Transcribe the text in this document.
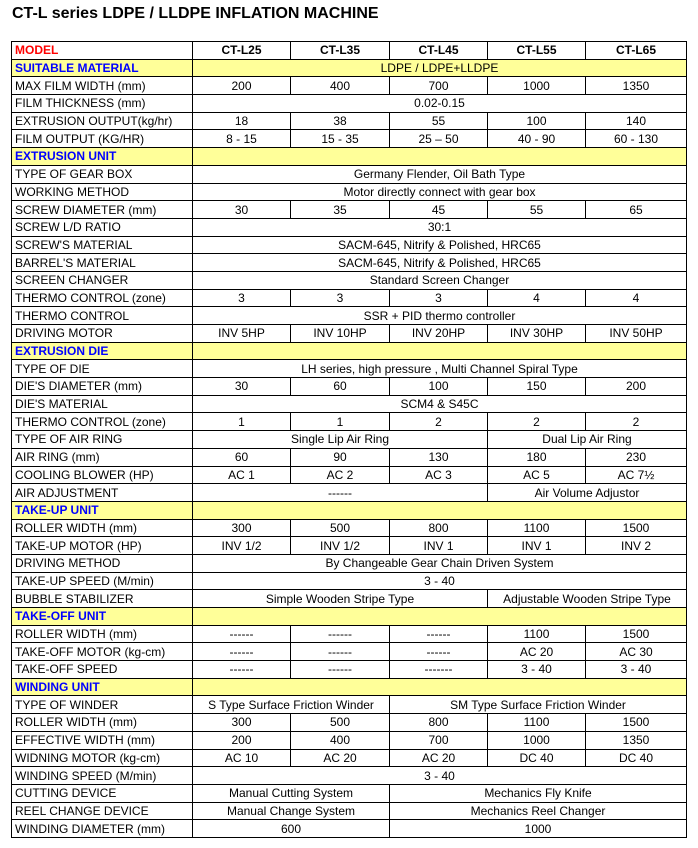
CT-L series LDPE / LLDPE INFLATION MACHINE
MODEL	CT-L25	CT-L35	CT-L45	CT-L55	CT-L65
SUITABLE MATERIAL	LDPE / LDPE+LLDPE				
MAX FILM WIDTH (mm)	200	400	700	1000	1350
FILM THICKNESS (mm)	0.02-0.15				
EXTRUSION OUTPUT(kg/hr)	18	38	55	100	140
FILM OUTPUT (KG/HR)	8 - 15	15 - 35	25 – 50	40 - 90	60 - 130
EXTRUSION UNIT					
TYPE OF GEAR BOX	Germany Flender, Oil Bath Type				
WORKING METHOD	Motor directly connect with gear box				
SCREW DIAMETER (mm)	30	35	45	55	65
SCREW L/D RATIO	30:1				
SCREW'S MATERIAL	SACM-645, Nitrify & Polished, HRC65				
BARREL'S MATERIAL	SACM-645, Nitrify & Polished, HRC65				
SCREEN CHANGER	Standard Screen Changer				
THERMO CONTROL (zone)	3	3	3	4	4
THERMO CONTROL	SSR + PID thermo controller				
DRIVING MOTOR	INV 5HP	INV 10HP	INV 20HP	INV 30HP	INV 50HP
EXTRUSION DIE					
TYPE OF DIE	LH series, high pressure , Multi Channel Spiral Type				
DIE'S DIAMETER (mm)	30	60	100	150	200
DIE'S MATERIAL	SCM4 & S45C				
THERMO CONTROL (zone)	1	1	2	2	2
TYPE OF AIR RING	Single Lip Air Ring			Dual Lip Air Ring	
AIR RING (mm)	60	90	130	180	230
COOLING BLOWER (HP)	AC 1	AC 2	AC 3	AC 5	AC 7½
AIR ADJUSTMENT	------			Air Volume Adjustor	
TAKE-UP UNIT					
ROLLER WIDTH (mm)	300	500	800	1100	1500
TAKE-UP MOTOR (HP)	INV 1/2	INV 1/2	INV 1	INV 1	INV 2
DRIVING METHOD	By Changeable Gear Chain Driven System				
TAKE-UP SPEED (M/min)	3 - 40				
BUBBLE STABILIZER	Simple Wooden Stripe Type			Adjustable Wooden Stripe Type	
TAKE-OFF UNIT					
ROLLER WIDTH (mm)	------	------	------	1100	1500
TAKE-OFF MOTOR (kg-cm)	------	------	------	AC 20	AC 30
TAKE-OFF SPEED	------	------	-------	3 - 40	3 - 40
WINDING UNIT					
TYPE OF WINDER	S Type Surface Friction Winder		SM Type Surface Friction Winder		
ROLLER WIDTH (mm)	300	500	800	1100	1500
EFFECTIVE WIDTH (mm)	200	400	700	1000	1350
WIDNING MOTOR (kg-cm)	AC 10	AC 20	AC 20	DC 40	DC 40
WINDING SPEED (M/min)	3 - 40				
CUTTING DEVICE	Manual Cutting System		Mechanics Fly Knife		
REEL CHANGE DEVICE	Manual Change System		Mechanics Reel Changer		
WINDING DIAMETER (mm)	600		1000		
